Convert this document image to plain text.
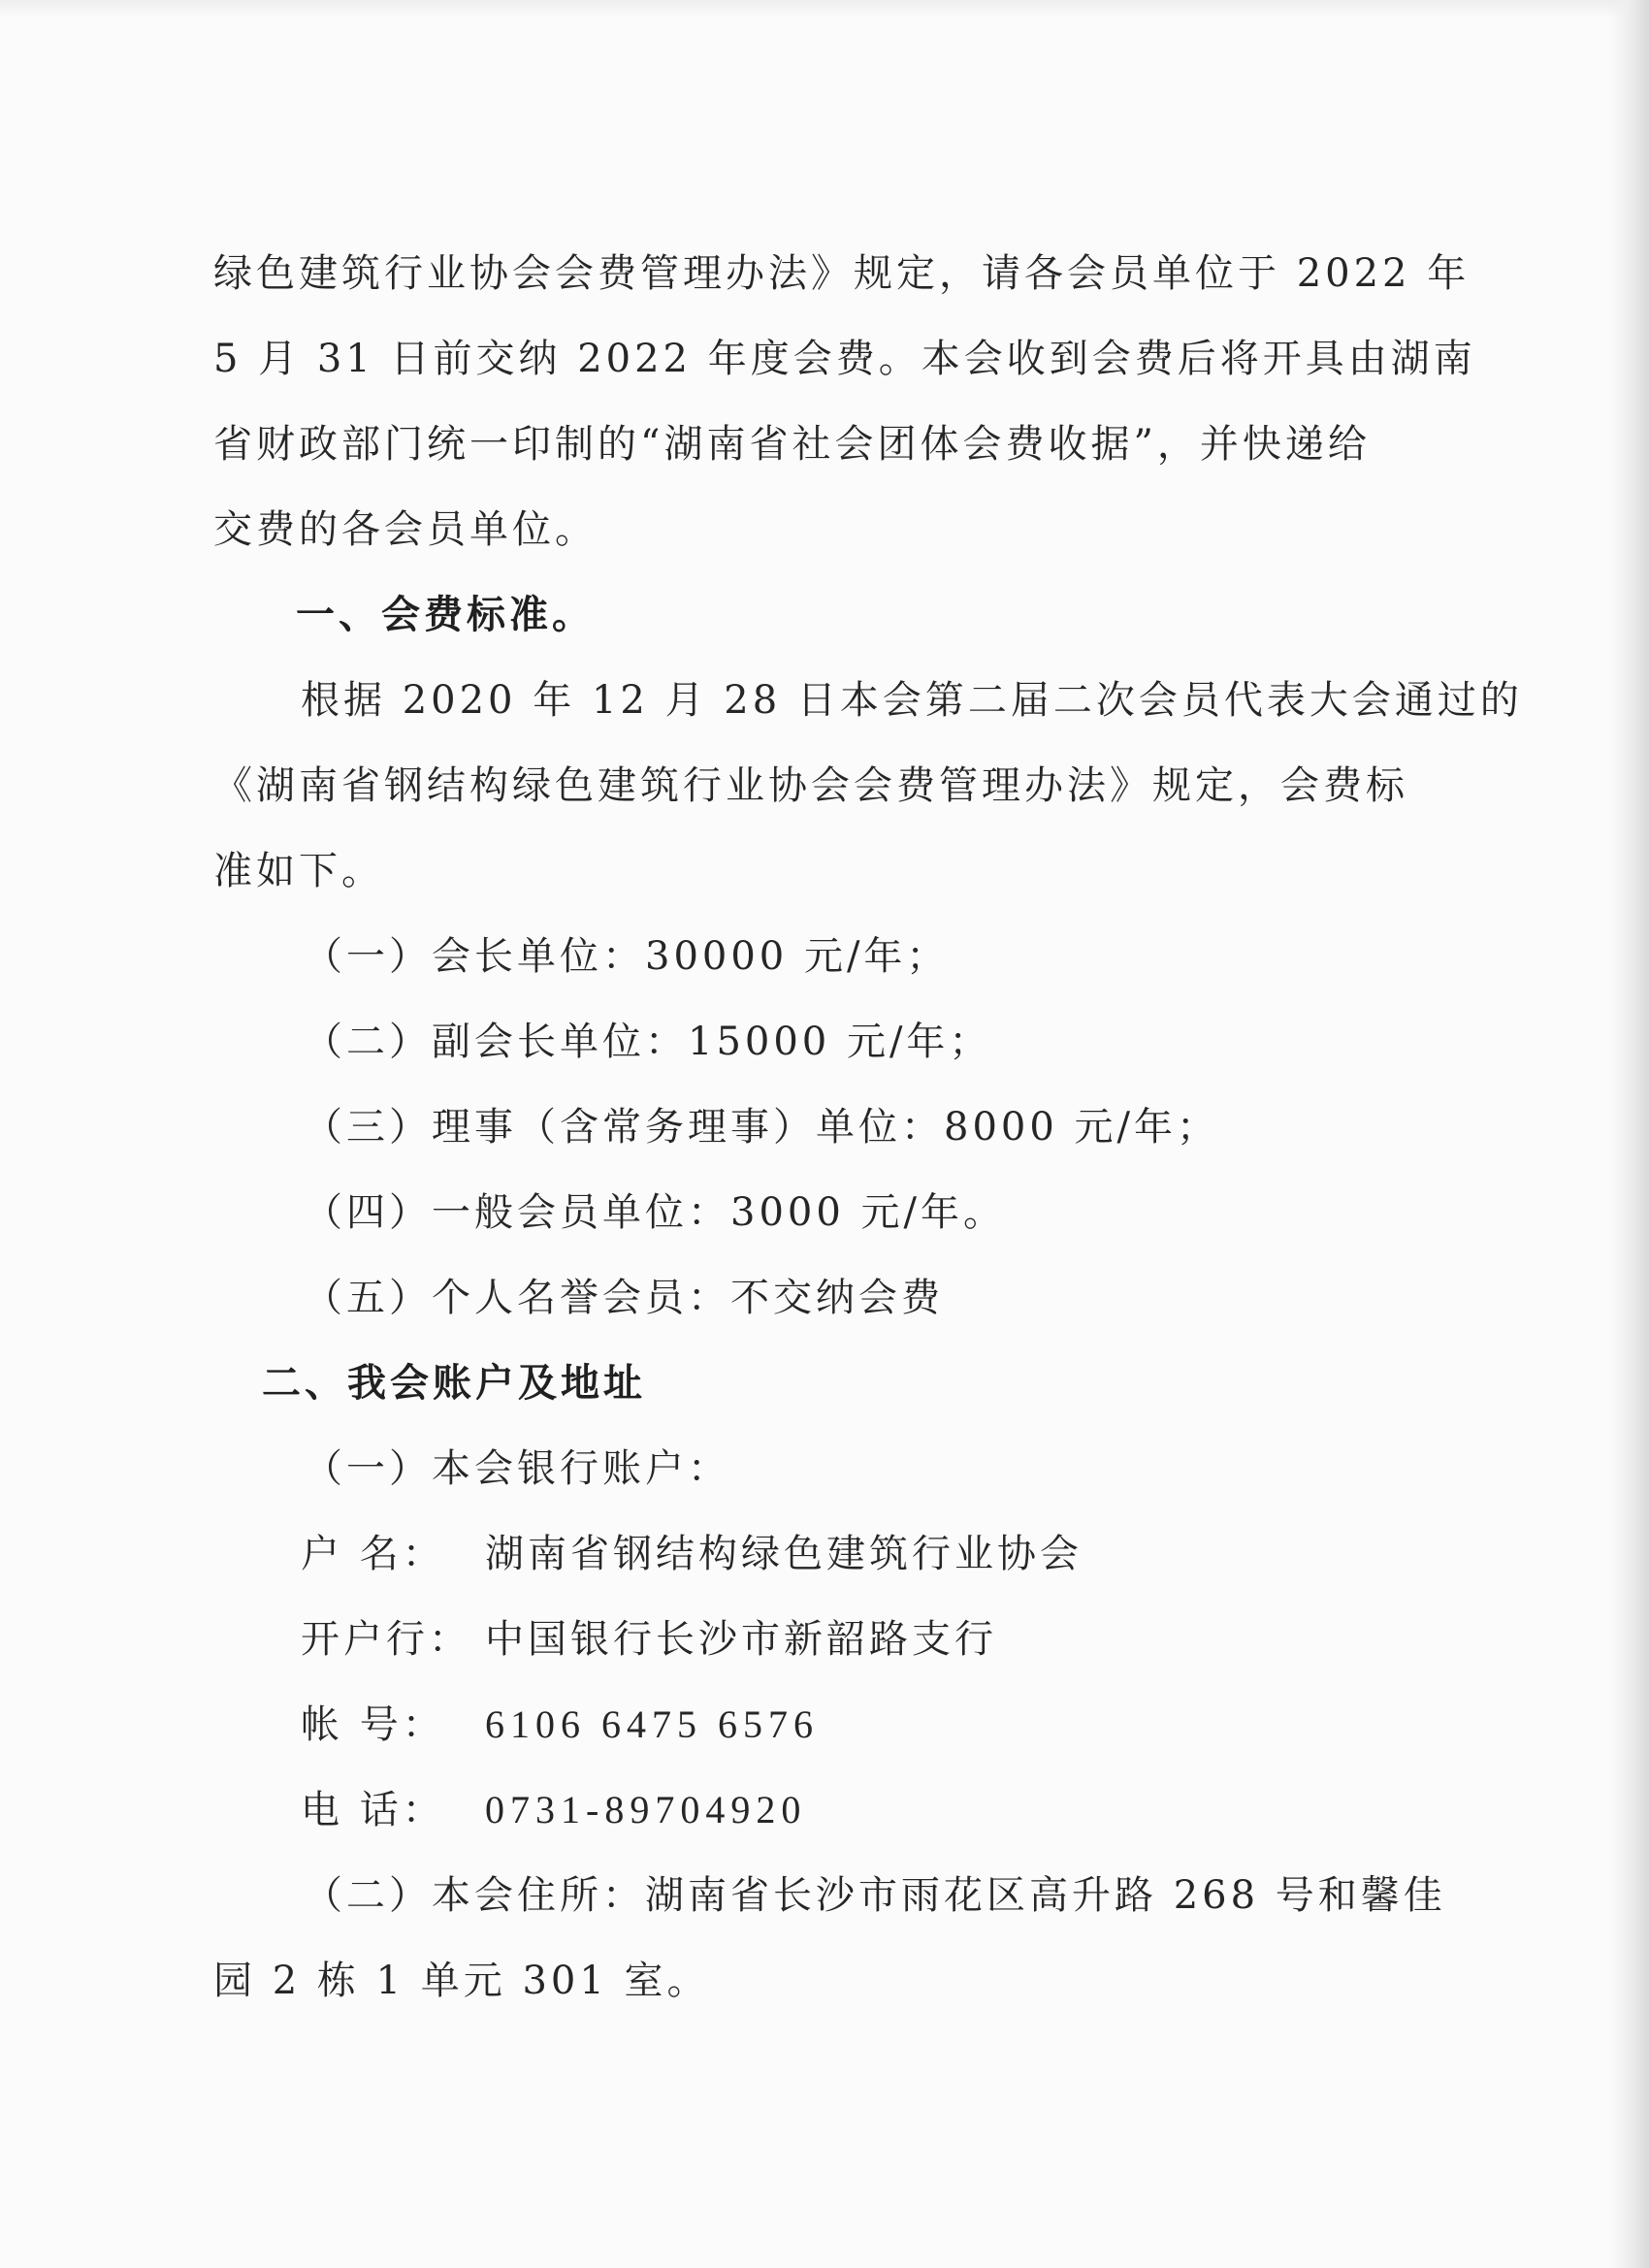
绿色建筑行业协会会费管理办法》规定，请各会员单位于 2022 年
5 月 31 日前交纳 2022 年度会费。本会收到会费后将开具由湖南
省财政部门统一印制的“湖南省社会团体会费收据”，并快递给
交费的各会员单位。
一、会费标准。
根据 2020 年 12 月 28 日本会第二届二次会员代表大会通过的
《湖南省钢结构绿色建筑行业协会会费管理办法》规定，会费标
准如下。
（一）会长单位：30000 元/年；
（二）副会长单位：15000 元/年；
（三）理事（含常务理事）单位：8000 元/年；
（四）一般会员单位：3000 元/年。
（五）个人名誉会员：不交纳会费
二、我会账户及地址
（一）本会银行账户：
户 名： 湖南省钢结构绿色建筑行业协会
开户行： 中国银行长沙市新韶路支行
帐 号： 6106 6475 6576
电 话： 0731-89704920
（二）本会住所：湖南省长沙市雨花区高升路 268 号和馨佳
园 2 栋 1 单元 301 室。
